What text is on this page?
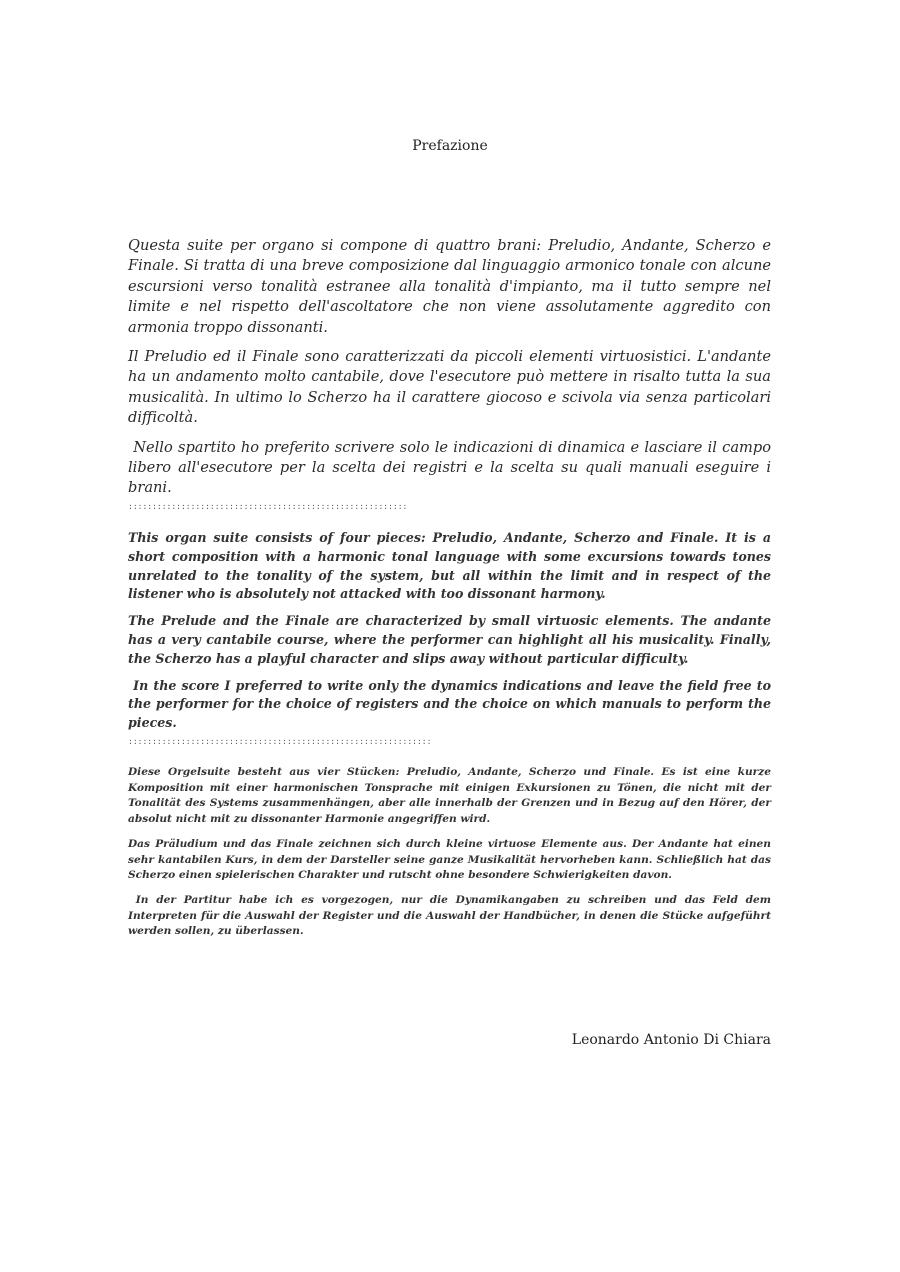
Prefazione

Questa suite per organo si compone di quattro brani: Preludio, Andante, Scherzo e Finale. Si tratta di una breve composizione dal linguaggio armonico tonale con alcune escursioni verso tonalità estranee alla tonalità d'impianto, ma il tutto sempre nel limite e nel rispetto dell'ascoltatore che non viene assolutamente aggredito con armonia troppo dissonanti.

Il Preludio ed il Finale sono caratterizzati da piccoli elementi virtuosistici. L'andante ha un andamento molto cantabile, dove l'esecutore può mettere in risalto tutta la sua musicalità. In ultimo lo Scherzo ha il carattere giocoso e scivola via senza particolari difficoltà.

Nello spartito ho preferito scrivere solo le indicazioni di dinamica e lasciare il campo libero all'esecutore per la scelta dei registri e la scelta su quali manuali eseguire i brani.

::::::::::::::::::::::::::::::::::::::::::::::::::::::::::

This organ suite consists of four pieces: Preludio, Andante, Scherzo and Finale. It is a short composition with a harmonic tonal language with some excursions towards tones unrelated to the tonality of the system, but all within the limit and in respect of the listener who is absolutely not attacked with too dissonant harmony.

The Prelude and the Finale are characterized by small virtuosic elements. The andante has a very cantabile course, where the performer can highlight all his musicality. Finally, the Scherzo has a playful character and slips away without particular difficulty.

In the score I preferred to write only the dynamics indications and leave the field free to the performer for the choice of registers and the choice on which manuals to perform the pieces.

:::::::::::::::::::::::::::::::::::::::::::::::::::::::::::::::

Diese Orgelsuite besteht aus vier Stücken: Preludio, Andante, Scherzo und Finale. Es ist eine kurze Komposition mit einer harmonischen Tonsprache mit einigen Exkursionen zu Tönen, die nicht mit der Tonalität des Systems zusammenhängen, aber alle innerhalb der Grenzen und in Bezug auf den Hörer, der absolut nicht mit zu dissonanter Harmonie angegriffen wird.

Das Präludium und das Finale zeichnen sich durch kleine virtuose Elemente aus. Der Andante hat einen sehr kantabilen Kurs, in dem der Darsteller seine ganze Musikalität hervorheben kann. Schließlich hat das Scherzo einen spielerischen Charakter und rutscht ohne besondere Schwierigkeiten davon.

In der Partitur habe ich es vorgezogen, nur die Dynamikangaben zu schreiben und das Feld dem Interpreten für die Auswahl der Register und die Auswahl der Handbücher, in denen die Stücke aufgeführt werden sollen, zu überlassen.

Leonardo Antonio Di Chiara
